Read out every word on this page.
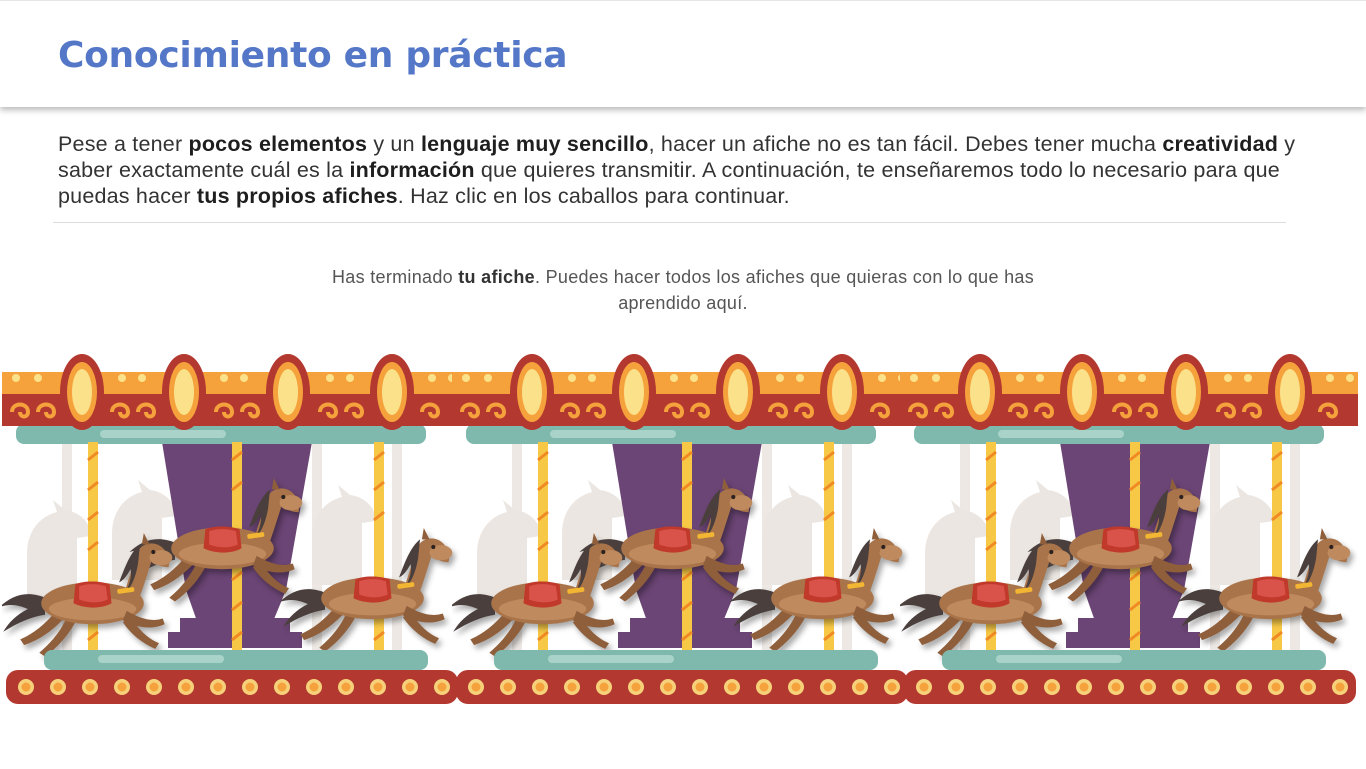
Conocimiento en práctica
Pese a tener pocos elementos y un lenguaje muy sencillo, hacer un afiche no es tan fácil. Debes tener mucha creatividad y saber exactamente cuál es la información que quieres transmitir. A continuación, te enseñaremos todo lo necesario para que puedas hacer tus propios afiches. Haz clic en los caballos para continuar.
Has terminado tu afiche. Puedes hacer todos los afiches que quieras con lo que has aprendido aquí.
